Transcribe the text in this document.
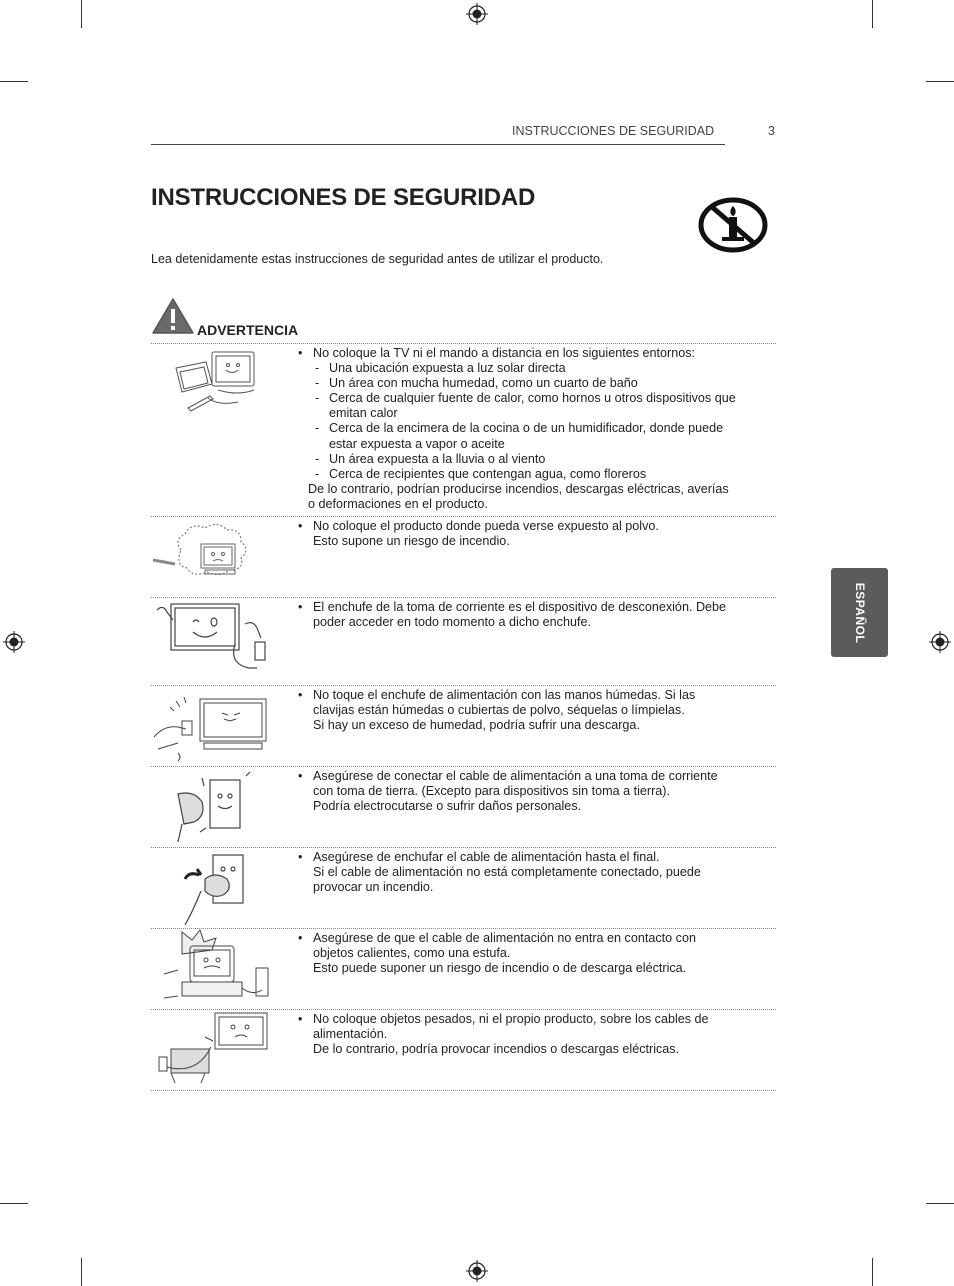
INSTRUCCIONES DE SEGURIDAD	3
INSTRUCCIONES DE SEGURIDAD
Lea detenidamente estas instrucciones de seguridad antes de utilizar el producto.
ADVERTENCIA
ESPAÑOL
• No coloque la TV ni el mando a distancia en los siguientes entornos:
- Una ubicación expuesta a luz solar directa
- Un área con mucha humedad, como un cuarto de baño
- Cerca de cualquier fuente de calor, como hornos u otros dispositivos que
emitan calor
- Cerca de la encimera de la cocina o de un humidificador, donde puede
estar expuesta a vapor o aceite
- Un área expuesta a la lluvia o al viento
- Cerca de recipientes que contengan agua, como floreros
De lo contrario, podrían producirse incendios, descargas eléctricas, averías
o deformaciones en el producto.
• No coloque el producto donde pueda verse expuesto al polvo.
Esto supone un riesgo de incendio.
• El enchufe de la toma de corriente es el dispositivo de desconexión. Debe
poder acceder en todo momento a dicho enchufe.
• No toque el enchufe de alimentación con las manos húmedas. Si las
clavijas están húmedas o cubiertas de polvo, séquelas o límpielas.
Si hay un exceso de humedad, podría sufrir una descarga.
• Asegúrese de conectar el cable de alimentación a una toma de corriente
con toma de tierra. (Excepto para dispositivos sin toma a tierra).
Podría electrocutarse o sufrir daños personales.
• Asegúrese de enchufar el cable de alimentación hasta el final.
Si el cable de alimentación no está completamente conectado, puede
provocar un incendio.
• Asegúrese de que el cable de alimentación no entra en contacto con
objetos calientes, como una estufa.
Esto puede suponer un riesgo de incendio o de descarga eléctrica.
• No coloque objetos pesados, ni el propio producto, sobre los cables de
alimentación.
De lo contrario, podría provocar incendios o descargas eléctricas.
